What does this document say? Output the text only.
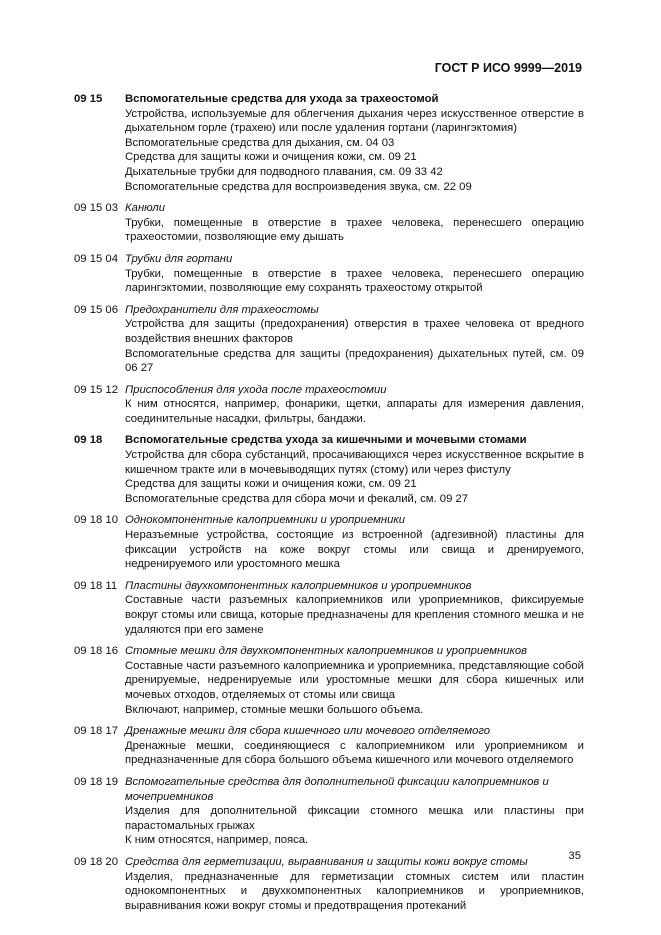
ГОСТ Р ИСО 9999—2019
09 15	Вспомогательные средства для ухода за трахеостомой
Устройства, используемые для облегчения дыхания через искусственное отверстие в дыхательном горле (трахею) или после удаления гортани (ларингэктомия)
Вспомогательные средства для дыхания, см. 04 03
Средства для защиты кожи и очищения кожи, см. 09 21
Дыхательные трубки для подводного плавания, см. 09 33 42
Вспомогательные средства для воспроизведения звука, см. 22 09
09 15 03 Канюли
Трубки, помещенные в отверстие в трахее человека, перенесшего операцию трахеостомии, позволяющие ему дышать
09 15 04 Трубки для гортани
Трубки, помещенные в отверстие в трахее человека, перенесшего операцию ларингэктомии, позволяющие ему сохранять трахеостому открытой
09 15 06 Предохранители для трахеостомы
Устройства для защиты (предохранения) отверстия в трахее человека от вредного воздействия внешних факторов
Вспомогательные средства для защиты (предохранения) дыхательных путей, см. 09 06 27
09 15 12 Приспособления для ухода после трахеостомии
К ним относятся, например, фонарики, щетки, аппараты для измерения давления, соединительные насадки, фильтры, бандажи.
09 18	Вспомогательные средства ухода за кишечными и мочевыми стомами
Устройства для сбора субстанций, просачивающихся через искусственное вскрытие в кишечном тракте или в мочевыводящих путях (стому) или через фистулу
Средства для защиты кожи и очищения кожи, см. 09 21
Вспомогательные средства для сбора мочи и фекалий, см. 09 27
09 18 10 Однокомпонентные калоприемники и уроприемники
Неразъемные устройства, состоящие из встроенной (адгезивной) пластины для фиксации устройств на коже вокруг стомы или свища и дренируемого, недренируемого или уростомного мешка
09 18 11 Пластины двухкомпонентных калоприемников и уроприемников
Составные части разъемных калоприемников или уроприемников, фиксируемые вокруг стомы или свища, которые предназначены для крепления стомного мешка и не удаляются при его замене
09 18 16 Стомные мешки для двухкомпонентных калоприемников и уроприемников
Составные части разъемного калоприемника и уроприемника, представляющие собой дренируемые, недренируемые или уростомные мешки для сбора кишечных или мочевых отходов, отделяемых от стомы или свища
Включают, например, стомные мешки большого объема.
09 18 17 Дренажные мешки для сбора кишечного или мочевого отделяемого
Дренажные мешки, соединяющиеся с калоприемником или уроприемником и предназначенные для сбора большого объема кишечного или мочевого отделяемого
09 18 19 Вспомогательные средства для дополнительной фиксации калоприемников и мочеприемников
Изделия для дополнительной фиксации стомного мешка или пластины при парастомальных грыжах
К ним относятся, например, пояса.
09 18 20 Средства для герметизации, выравнивания и защиты кожи вокруг стомы
Изделия, предназначенные для герметизации стомных систем или пластин однокомпонентных и двухкомпонентных калоприемников и уроприемников, выравнивания кожи вокруг стомы и предотвращения протеканий
35
